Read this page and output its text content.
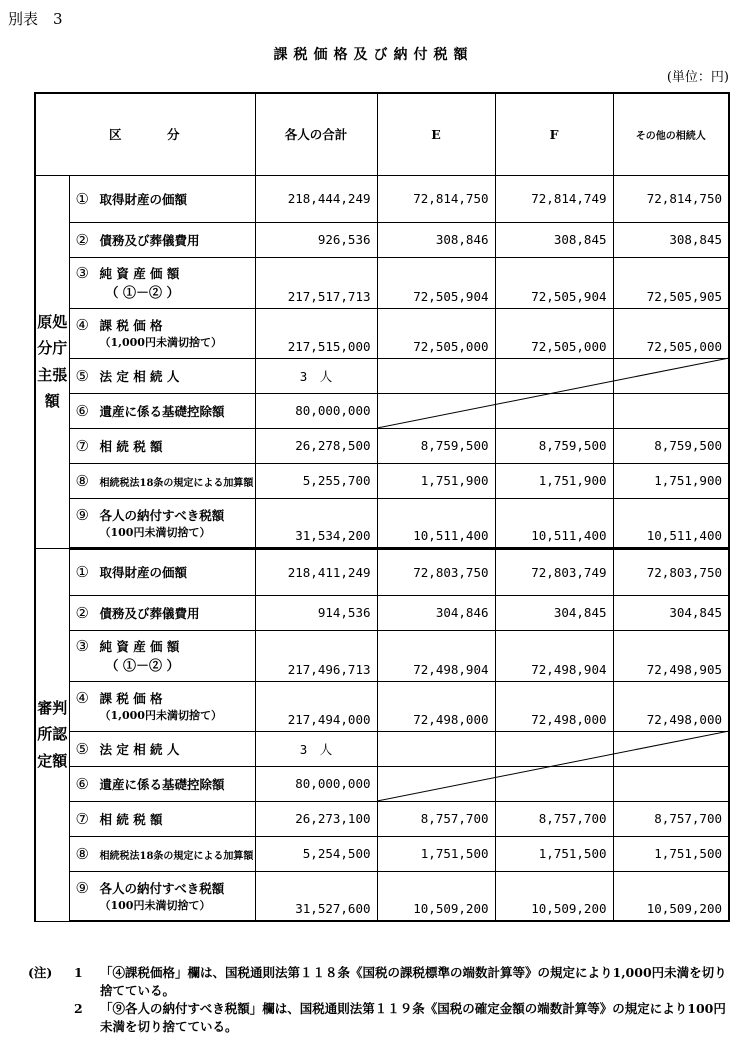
別表　3
課税価格及び納付税額
(単位：円)
区　　　分		各人の合計	E	F	その他の相続人
原処分庁主張額	① 取得財産の価額	218,444,249	72,814,750	72,814,749	72,814,750
	② 債務及び葬儀費用	926,536	308,846	308,845	308,845
	③ 純 資 産 価 額
（ ①－② ）	217,517,713	72,505,904	72,505,904	72,505,905
	④ 課 税 価 格
（1,000円未満切捨て）	217,515,000	72,505,000	72,505,000	72,505,000
	⑤ 法 定 相 続 人	3　人			
	⑥ 遺産に係る基礎控除額	80,000,000			
	⑦ 相 続 税 額	26,278,500	8,759,500	8,759,500	8,759,500
	⑧ 相続税法18条の規定による加算額	5,255,700	1,751,900	1,751,900	1,751,900
	⑨ 各人の納付すべき税額
（100円未満切捨て）	31,534,200	10,511,400	10,511,400	10,511,400
審判所認定額	① 取得財産の価額	218,411,249	72,803,750	72,803,749	72,803,750
	② 債務及び葬儀費用	914,536	304,846	304,845	304,845
	③ 純 資 産 価 額
（ ①－② ）	217,496,713	72,498,904	72,498,904	72,498,905
	④ 課 税 価 格
（1,000円未満切捨て）	217,494,000	72,498,000	72,498,000	72,498,000
	⑤ 法 定 相 続 人	3　人			
	⑥ 遺産に係る基礎控除額	80,000,000			
	⑦ 相 続 税 額	26,273,100	8,757,700	8,757,700	8,757,700
	⑧ 相続税法18条の規定による加算額	5,254,500	1,751,500	1,751,500	1,751,500
	⑨ 各人の納付すべき税額
（100円未満切捨て）	31,527,600	10,509,200	10,509,200	10,509,200
(注)	1	「④課税価格」欄は、国税通則法第１１８条《国税の課税標準の端数計算等》の規定により1,000円未満を切り捨てている。
2	「⑨各人の納付すべき税額」欄は、国税通則法第１１９条《国税の確定金額の端数計算等》の規定により100円未満を切り捨てている。
